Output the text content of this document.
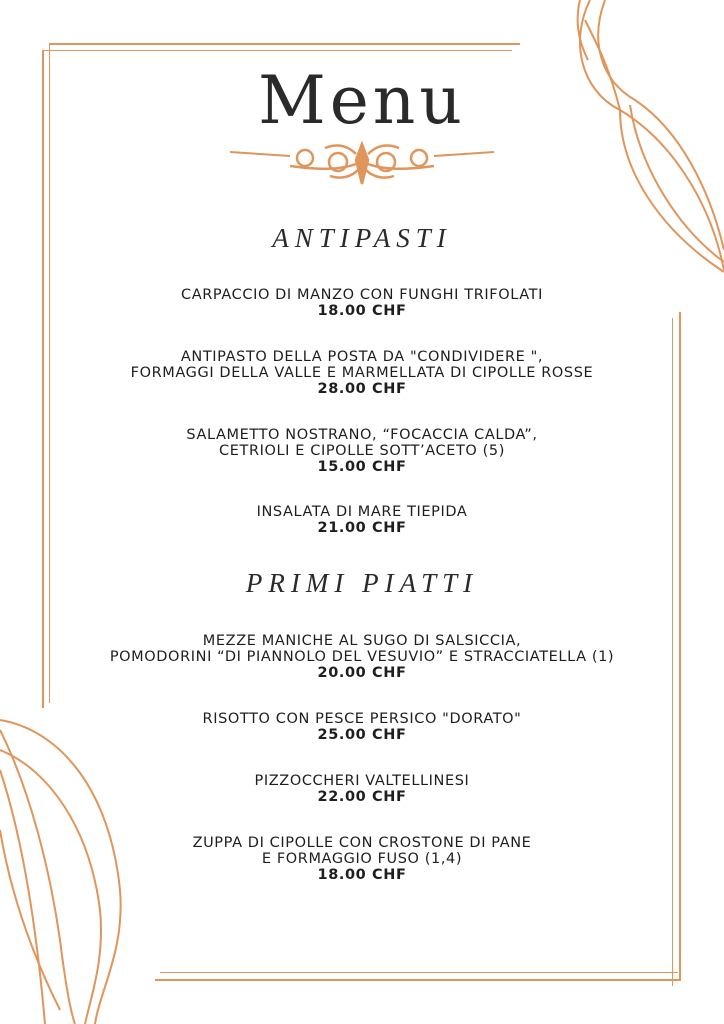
Menu
ANTIPASTI
CARPACCIO DI MANZO CON FUNGHI TRIFOLATI
18.00 CHF
ANTIPASTO DELLA POSTA DA "CONDIVIDERE ",
FORMAGGI DELLA VALLE E MARMELLATA DI CIPOLLE ROSSE
28.00 CHF
SALAMETTO NOSTRANO, “FOCACCIA CALDA”,
CETRIOLI E CIPOLLE SOTT’ACETO (5)
15.00 CHF
INSALATA DI MARE TIEPIDA
21.00 CHF
PRIMI PIATTI
MEZZE MANICHE AL SUGO DI SALSICCIA,
POMODORINI “DI PIANNOLO DEL VESUVIO” E STRACCIATELLA (1)
20.00 CHF
RISOTTO CON PESCE PERSICO "DORATO"
25.00 CHF
PIZZOCCHERI VALTELLINESI
22.00 CHF
ZUPPA DI CIPOLLE CON CROSTONE DI PANE
E FORMAGGIO FUSO (1,4)
18.00 CHF
